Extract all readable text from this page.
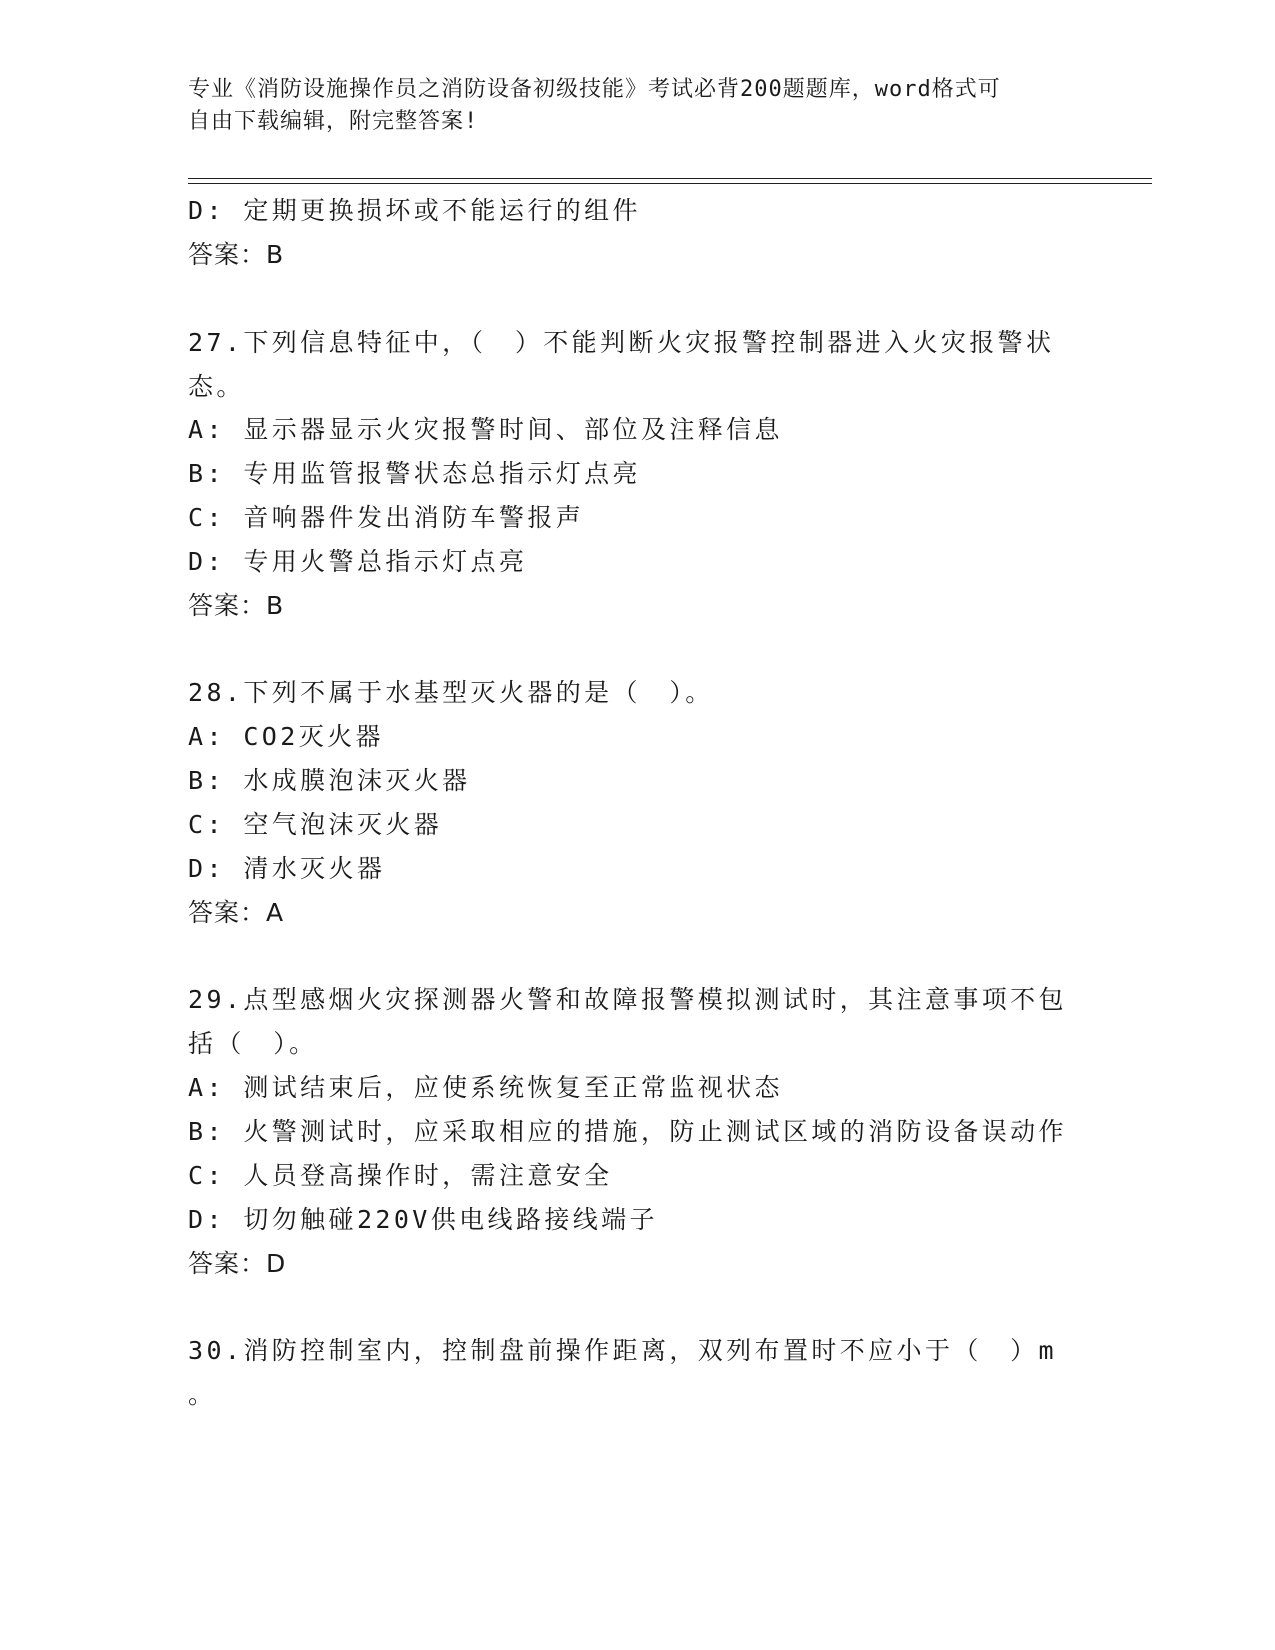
专业《消防设施操作员之消防设备初级技能》考试必背200题题库，word格式可
自由下载编辑，附完整答案!
D: 定期更换损坏或不能运行的组件
答案：B
27.下列信息特征中，（　）不能判断火灾报警控制器进入火灾报警状
态。
A: 显示器显示火灾报警时间、部位及注释信息
B: 专用监管报警状态总指示灯点亮
C: 音响器件发出消防车警报声
D: 专用火警总指示灯点亮
答案：B
28.下列不属于水基型灭火器的是（　）。
A: CO2灭火器
B: 水成膜泡沫灭火器
C: 空气泡沫灭火器
D: 清水灭火器
答案：A
29.点型感烟火灾探测器火警和故障报警模拟测试时，其注意事项不包
括（　）。
A: 测试结束后，应使系统恢复至正常监视状态
B: 火警测试时，应采取相应的措施，防止测试区域的消防设备误动作
C: 人员登高操作时，需注意安全
D: 切勿触碰220V供电线路接线端子
答案：D
30.消防控制室内，控制盘前操作距离，双列布置时不应小于（　）m
。
